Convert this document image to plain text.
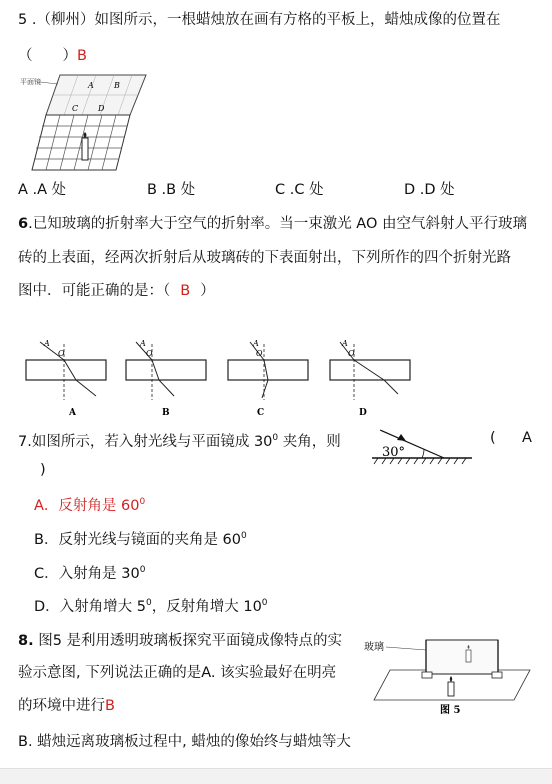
5 .（柳州）如图所示，一根蜡烛放在画有方格的平板上，蜡烛成像的位置在
（ ）B
平面镜	A	B
C D
A .A 处	B .B 处	C .C 处	D .D 处
6.已知玻璃的折射率大于空气的折射率。当一束激光 AO 由空气斜射人平行玻璃
砖的上表面，经两次折射后从玻璃砖的下表面射出，下列所作的四个折射光路
图中．可能正确的是：（ B ）
A
O
A
A
O
B
A
O
C
A
O
D
7.如图所示，若入射光线与平面镜成 $30^0$ 夹角，则
30°
( A
)
A．反射角是 $60^0$
B．反射光线与镜面的夹角是 $60^0$
C．入射角是 $30^0$
D．入射角增大 $5^0$，反射角增大 $10^0$
8. 图5 是利用透明玻璃板探究平面镜成像特点的实
验示意图, 下列说法正确的是A. 该实验最好在明亮
的环境中进行B
B. 蜡烛远离玻璃板过程中, 蜡烛的像始终与蜡烛等大
玻璃
图 5
